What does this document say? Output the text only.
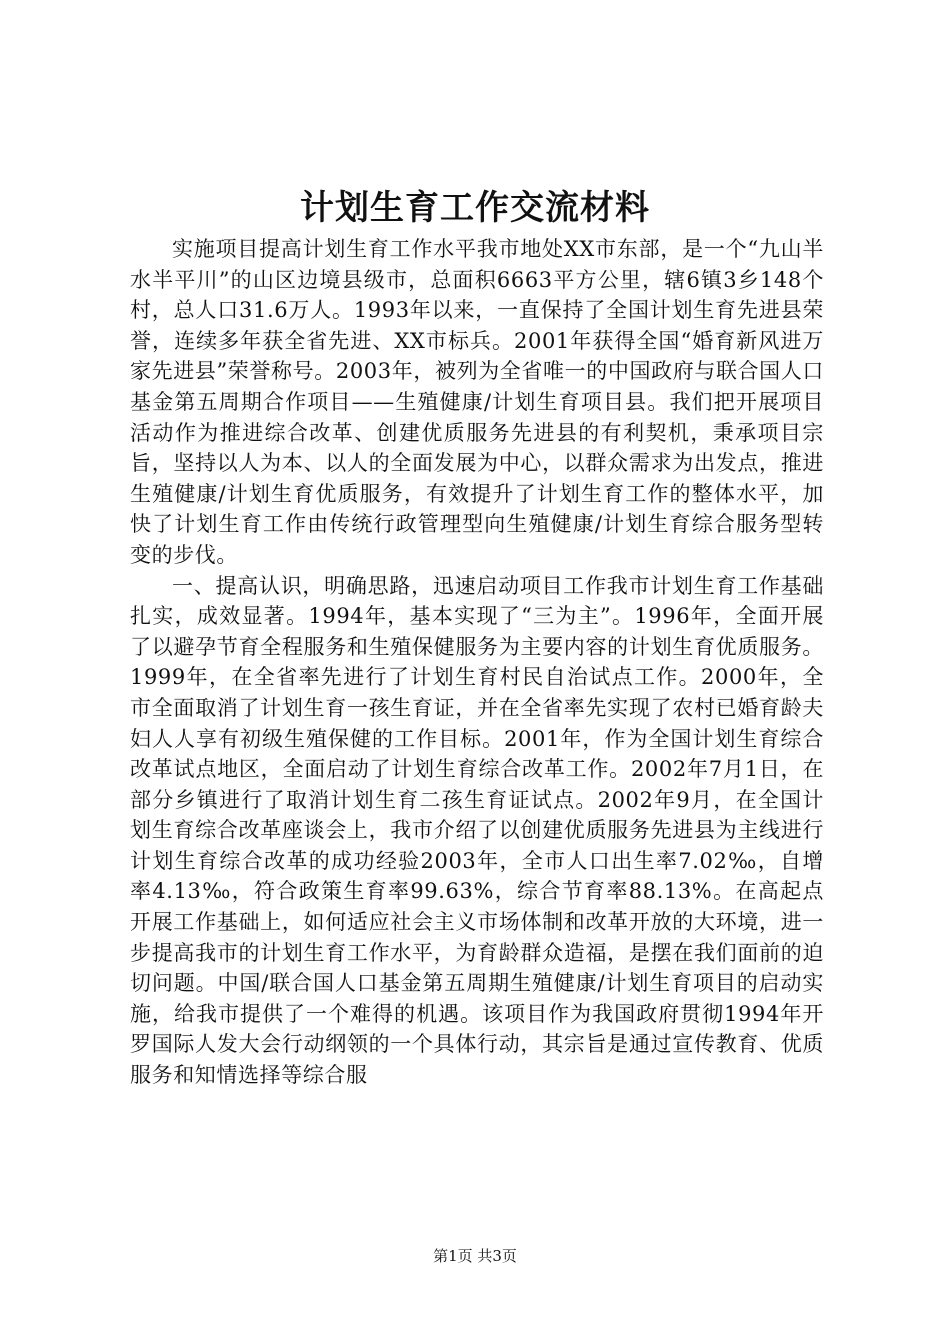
计划生育工作交流材料

实施项目提高计划生育工作水平我市地处XX市东部，是一个“九山半水半平川”的山区边境县级市，总面积6663平方公里，辖6镇3乡148个村，总人口31.6万人。1993年以来，一直保持了全国计划生育先进县荣誉，连续多年获全省先进、XX市标兵。2001年获得全国“婚育新风进万家先进县”荣誉称号。2003年，被列为全省唯一的中国政府与联合国人口基金第五周期合作项目——生殖健康/计划生育项目县。我们把开展项目活动作为推进综合改革、创建优质服务先进县的有利契机，秉承项目宗旨，坚持以人为本、以人的全面发展为中心，以群众需求为出发点，推进生殖健康/计划生育优质服务，有效提升了计划生育工作的整体水平，加快了计划生育工作由传统行政管理型向生殖健康/计划生育综合服务型转变的步伐。

一、提高认识，明确思路，迅速启动项目工作我市计划生育工作基础扎实，成效显著。1994年，基本实现了“三为主”。1996年，全面开展了以避孕节育全程服务和生殖保健服务为主要内容的计划生育优质服务。1999年，在全省率先进行了计划生育村民自治试点工作。2000年，全市全面取消了计划生育一孩生育证，并在全省率先实现了农村已婚育龄夫妇人人享有初级生殖保健的工作目标。2001年，作为全国计划生育综合改革试点地区，全面启动了计划生育综合改革工作。2002年7月1日，在部分乡镇进行了取消计划生育二孩生育证试点。2002年9月，在全国计划生育综合改革座谈会上，我市介绍了以创建优质服务先进县为主线进行计划生育综合改革的成功经验2003年，全市人口出生率7.02‰，自增率4.13‰，符合政策生育率99.63%，综合节育率88.13%。在高起点开展工作基础上，如何适应社会主义市场体制和改革开放的大环境，进一步提高我市的计划生育工作水平，为育龄群众造福，是摆在我们面前的迫切问题。中国/联合国人口基金第五周期生殖健康/计划生育项目的启动实施，给我市提供了一个难得的机遇。该项目作为我国政府贯彻1994年开罗国际人发大会行动纲领的一个具体行动，其宗旨是通过宣传教育、优质服务和知情选择等综合服

第1页 共3页
